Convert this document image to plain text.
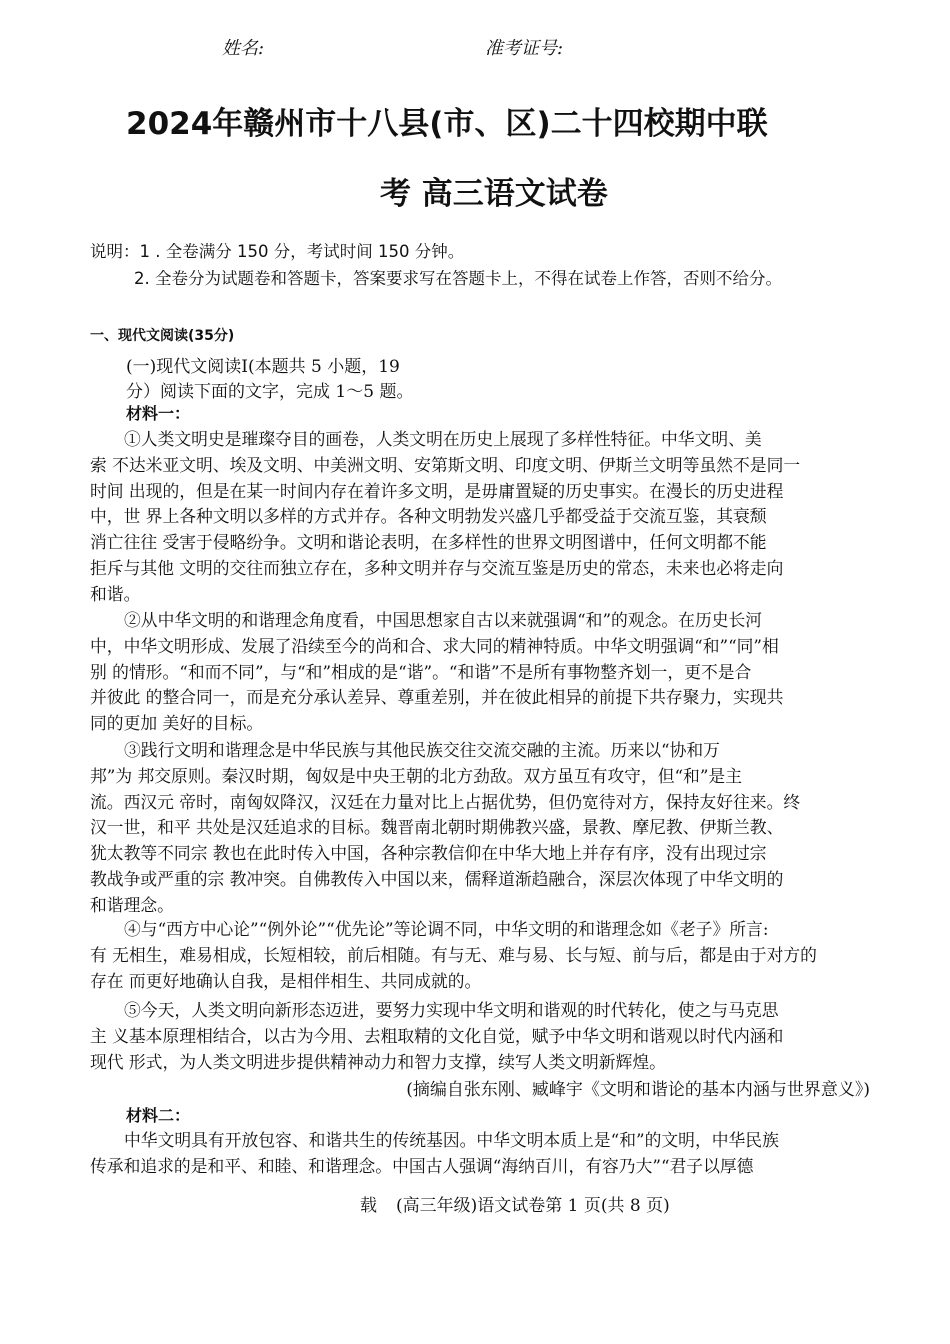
姓名:	准考证号:
2024年赣州市十八县(市、区)二十四校期中联
考 高三语文试卷
说明：1 . 全卷满分 150 分，考试时间 150 分钟。
2. 全卷分为试题卷和答题卡，答案要求写在答题卡上，不得在试卷上作答，否则不给分。
一、现代文阅读(35分)
(一)现代文阅读Ⅰ(本题共 5 小题，19
分）阅读下面的文字，完成 1～5 题。
材料一：
①人类文明史是璀璨夺目的画卷，人类文明在历史上展现了多样性特征。中华文明、美
索 不达米亚文明、埃及文明、中美洲文明、安第斯文明、印度文明、伊斯兰文明等虽然不是同一
时间 出现的，但是在某一时间内存在着许多文明，是毋庸置疑的历史事实。在漫长的历史进程
中，世 界上各种文明以多样的方式并存。各种文明勃发兴盛几乎都受益于交流互鉴，其衰颓
消亡往往 受害于侵略纷争。文明和谐论表明，在多样性的世界文明图谱中，任何文明都不能
拒斥与其他 文明的交往而独立存在，多种文明并存与交流互鉴是历史的常态，未来也必将走向
和谐。
②从中华文明的和谐理念角度看，中国思想家自古以来就强调“和”的观念。在历史长河
中，中华文明形成、发展了沿续至今的尚和合、求大同的精神特质。中华文明强调“和”“同”相
别 的情形。“和而不同”，与“和”相成的是“谐”。“和谐”不是所有事物整齐划一，更不是合
并彼此 的整合同一，而是充分承认差异、尊重差别，并在彼此相异的前提下共存聚力，实现共
同的更加 美好的目标。
③践行文明和谐理念是中华民族与其他民族交往交流交融的主流。历来以“协和万
邦”为 邦交原则。秦汉时期，匈奴是中央王朝的北方劲敌。双方虽互有攻守，但“和”是主
流。西汉元 帝时，南匈奴降汉，汉廷在力量对比上占据优势，但仍宽待对方，保持友好往来。终
汉一世，和平 共处是汉廷追求的目标。魏晋南北朝时期佛教兴盛，景教、摩尼教、伊斯兰教、
犹太教等不同宗 教也在此时传入中国，各种宗教信仰在中华大地上并存有序，没有出现过宗
教战争或严重的宗 教冲突。自佛教传入中国以来，儒释道渐趋融合，深层次体现了中华文明的
和谐理念。
④与“西方中心论”“例外论”“优先论”等论调不同，中华文明的和谐理念如《老子》所言:
有 无相生，难易相成，长短相较，前后相随。有与无、难与易、长与短、前与后，都是由于对方的
存在 而更好地确认自我，是相伴相生、共同成就的。
⑤今天，人类文明向新形态迈进，要努力实现中华文明和谐观的时代转化，使之与马克思
主 义基本原理相结合，以古为今用、去粗取精的文化自觉，赋予中华文明和谐观以时代内涵和
现代 形式，为人类文明进步提供精神动力和智力支撑，续写人类文明新辉煌。
(摘编自张东刚、臧峰宇《文明和谐论的基本内涵与世界意义》)
材料二：
中华文明具有开放包容、和谐共生的传统基因。中华文明本质上是“和”的文明，中华民族
传承和追求的是和平、和睦、和谐理念。中国古人强调“海纳百川，有容乃大”“君子以厚德
载 (高三年级)语文试卷第 1 页(共 8 页)
